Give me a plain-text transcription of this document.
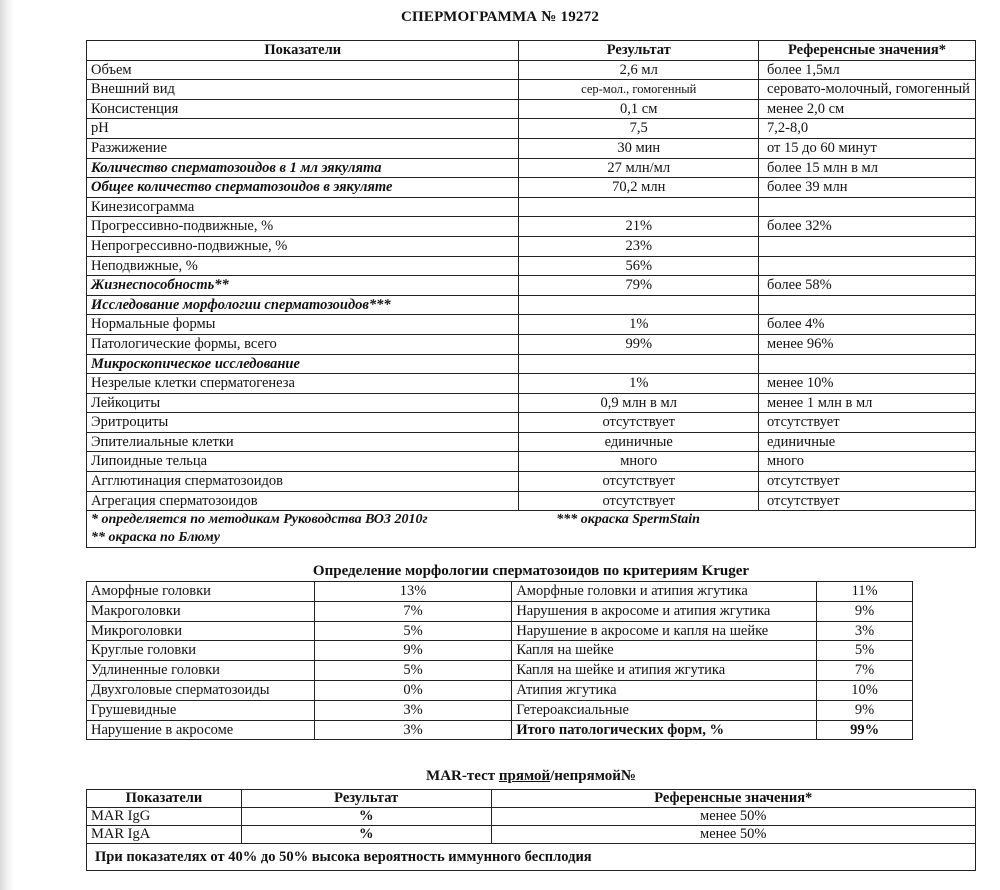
СПЕРМОГРАММА № 19272
Показатели	Результат	Референсные значения*
Объем	2,6 мл	более 1,5мл
Внешний вид	сер-мол., гомогенный	серовато-молочный, гомогенный
Консистенция	0,1 см	менее 2,0 см
pH	7,5	7,2-8,0
Разжижение	30 мин	от 15 до 60 минут
Количество сперматозоидов в 1 мл эякулята	27 млн/мл	более 15 млн в мл
Общее количество сперматозоидов в эякуляте	70,2 млн	более 39 млн
Кинезисограмма		
Прогрессивно-подвижные, %	21%	более 32%
Непрогрессивно-подвижные, %	23%	
Неподвижные, %	56%	
Жизнеспособность**	79%	более 58%
Исследование морфологии сперматозоидов***		
Нормальные формы	1%	более 4%
Патологические формы, всего	99%	менее 96%
Микроскопическое исследование		
Незрелые клетки сперматогенеза	1%	менее 10%
Лейкоциты	0,9 млн в мл	менее 1 млн в мл
Эритроциты	отсутствует	отсутствует
Эпителиальные клетки	единичные	единичные
Липоидные тельца	много	много
Агглютинация сперматозоидов	отсутствует	отсутствует
Агрегация сперматозоидов	отсутствует	отсутствует

* определяется по методикам Руководства ВОЗ 2010г *** окраска SpermStain
** окраска по Блюму		
Определение морфологии сперматозоидов по критериям Kruger
Аморфные головки	13%	Аморфные головки и атипия жгутика	11%
Макроголовки	7%	Нарушения в акросоме и атипия жгутика	9%
Микроголовки	5%	Нарушение в акросоме и капля на шейке	3%
Круглые головки	9%	Капля на шейке	5%
Удлиненные головки	5%	Капля на шейке и атипия жгутика	7%
Двухголовые сперматозоиды	0%	Атипия жгутика	10%
Грушевидные	3%	Гетероаксиальные	9%
Нарушение в акросоме	3%	Итого патологических форм, %	99%
MAR-тест прямой/непрямой№
Показатели	Результат	Референсные значения*
MAR IgG	%	менее 50%
MAR IgA	%	менее 50%
При показателях от 40% до 50% высока вероятность иммунного бесплодия		
